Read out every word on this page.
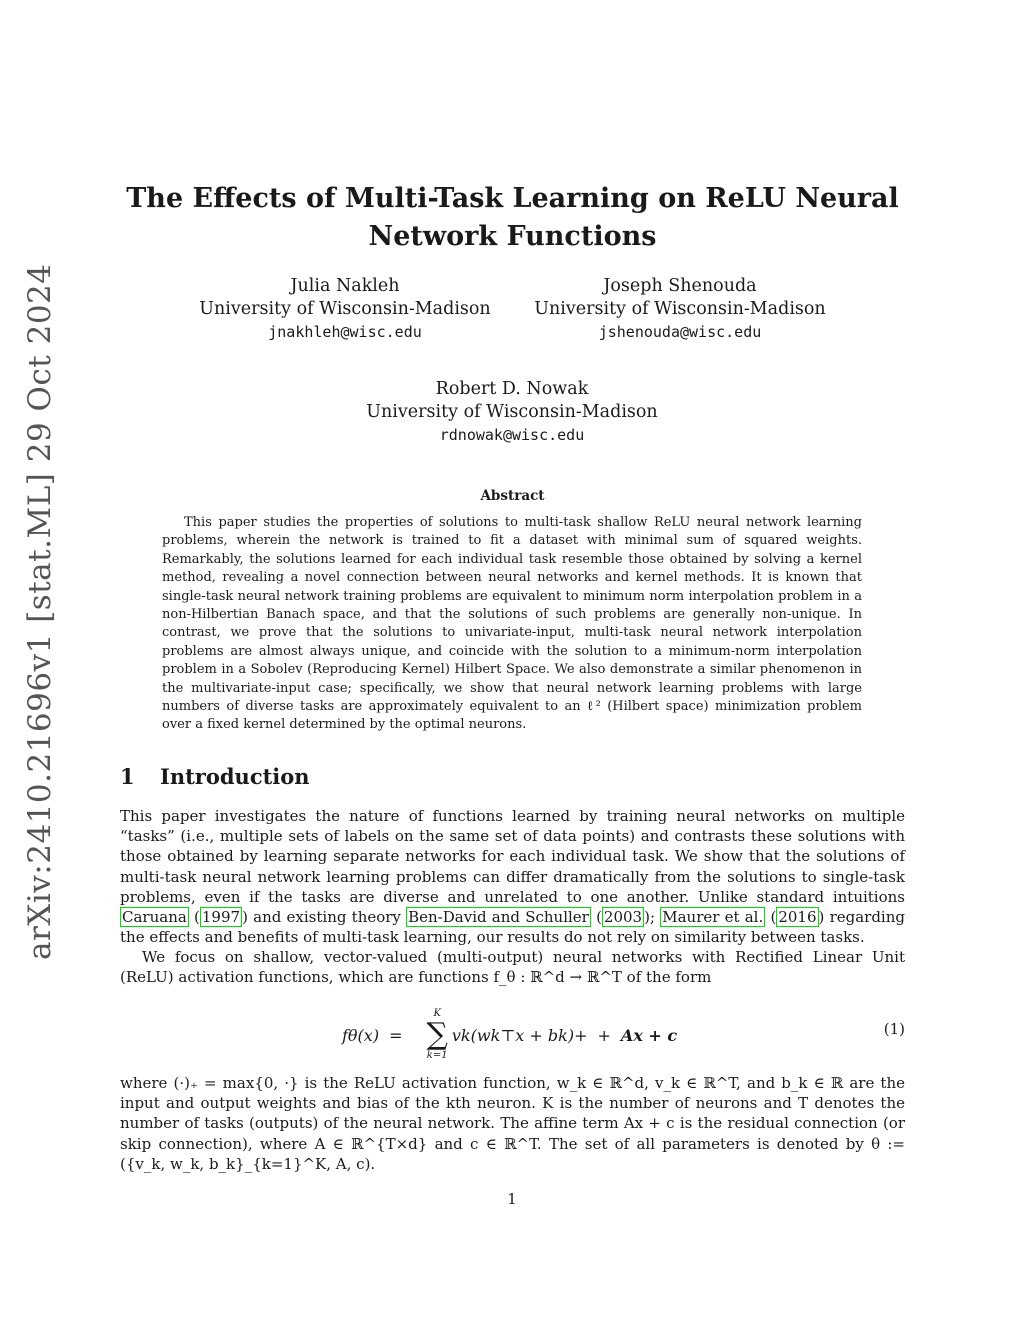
arXiv:2410.21696v1 [stat.ML] 29 Oct 2024
The Effects of Multi-Task Learning on ReLU Neural Network Functions
Julia Nakleh
University of Wisconsin-Madison
jnakhleh@wisc.edu
Joseph Shenouda
University of Wisconsin-Madison
jshenouda@wisc.edu
Robert D. Nowak
University of Wisconsin-Madison
rdnowak@wisc.edu
Abstract

This paper studies the properties of solutions to multi-task shallow ReLU neural network learning problems, wherein the network is trained to fit a dataset with minimal sum of squared weights. Remarkably, the solutions learned for each individual task resemble those obtained by solving a kernel method, revealing a novel connection between neural networks and kernel methods. It is known that single-task neural network training problems are equivalent to minimum norm interpolation problem in a non-Hilbertian Banach space, and that the solutions of such problems are generally non-unique. In contrast, we prove that the solutions to univariate-input, multi-task neural network interpolation problems are almost always unique, and coincide with the solution to a minimum-norm interpolation problem in a Sobolev (Reproducing Kernel) Hilbert Space. We also demonstrate a similar phenomenon in the multivariate-input case; specifically, we show that neural network learning problems with large numbers of diverse tasks are approximately equivalent to an ℓ² (Hilbert space) minimization problem over a fixed kernel determined by the optimal neurons.

1 Introduction

This paper investigates the nature of functions learned by training neural networks on multiple “tasks” (i.e., multiple sets of labels on the same set of data points) and contrasts these solutions with those obtained by learning separate networks for each individual task. We show that the solutions of multi-task neural network learning problems can differ dramatically from the solutions to single-task problems, even if the tasks are diverse and unrelated to one another. Unlike standard intuitions Caruana ( 1997 ) and existing theory Ben-David and Schuller ( 2003 ); Maurer et al. ( 2016 ) regarding the effects and benefits of multi-task learning, our results do not rely on similarity between tasks.

We focus on shallow, vector-valued (multi-output) neural networks with Rectified Linear Unit (ReLU) activation functions, which are functions f_θ : ℝ^d → ℝ^T of the form

fθ(x) =
K
∑
k=1
vk(wk⊤x + bk)+ + Ax + c	(1)

where (·)₊ = max{0, ·} is the ReLU activation function, w_k ∈ ℝ^d, v_k ∈ ℝ^T, and b_k ∈ ℝ are the input and output weights and bias of the kth neuron. K is the number of neurons and T denotes the number of tasks (outputs) of the neural network. The affine term Ax + c is the residual connection (or skip connection), where A ∈ ℝ^{T×d} and c ∈ ℝ^T. The set of all parameters is denoted by θ := ({v_k, w_k, b_k}_{k=1}^K, A, c).

1
